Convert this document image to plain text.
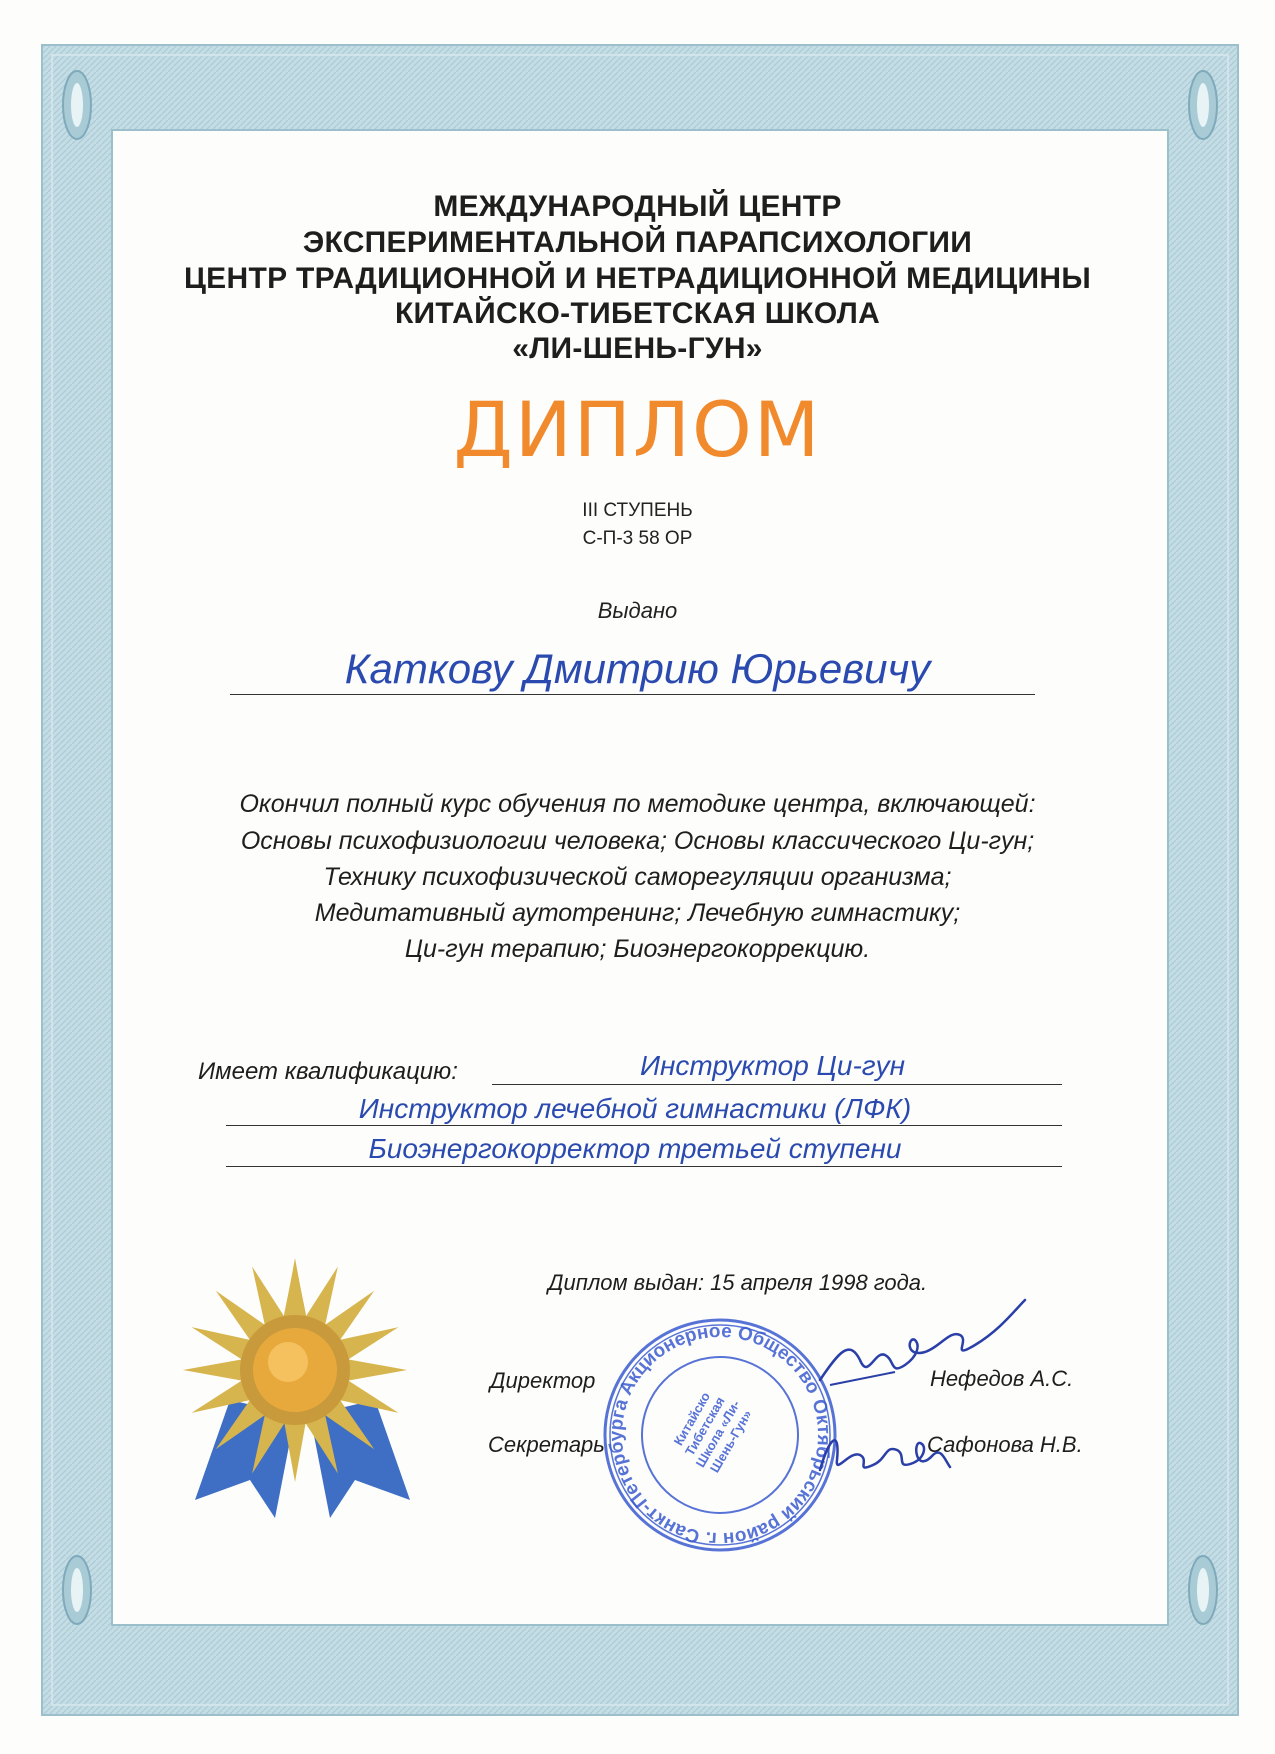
МЕЖДУНАРОДНЫЙ ЦЕНТР
ЭКСПЕРИМЕНТАЛЬНОЙ ПАРАПСИХОЛОГИИ
ЦЕНТР ТРАДИЦИОННОЙ И НЕТРАДИЦИОННОЙ МЕДИЦИНЫ
КИТАЙСКО-ТИБЕТСКАЯ ШКОЛА
«ЛИ-ШЕНЬ-ГУН»
ДИПЛОМ
III СТУПЕНЬ
С-П-3 58 ОР
Выдано
Каткову Дмитрию Юрьевичу
Окончил полный курс обучения по методике центра, включающей:
Основы психофизиологии человека; Основы классического Ци-гун;
Технику психофизической саморегуляции организма;
Медитативный аутотренинг; Лечебную гимнастику;
Ци-гун терапию; Биоэнергокоррекцию.
Имеет квалификацию:	Инструктор Ци-гун
Инструктор лечебной гимнастики (ЛФК)
Биоэнергокорректор третьей ступени
Диплом выдан: 15 апреля 1998 года.
Директор	Нефедов А.С.
Секретарь	Сафонова Н.В.
Октябрьский район г. Санкт-Петербурга Акционерное Общество
Китайско Тибетская Школа «Ли-Шень-Гун»
